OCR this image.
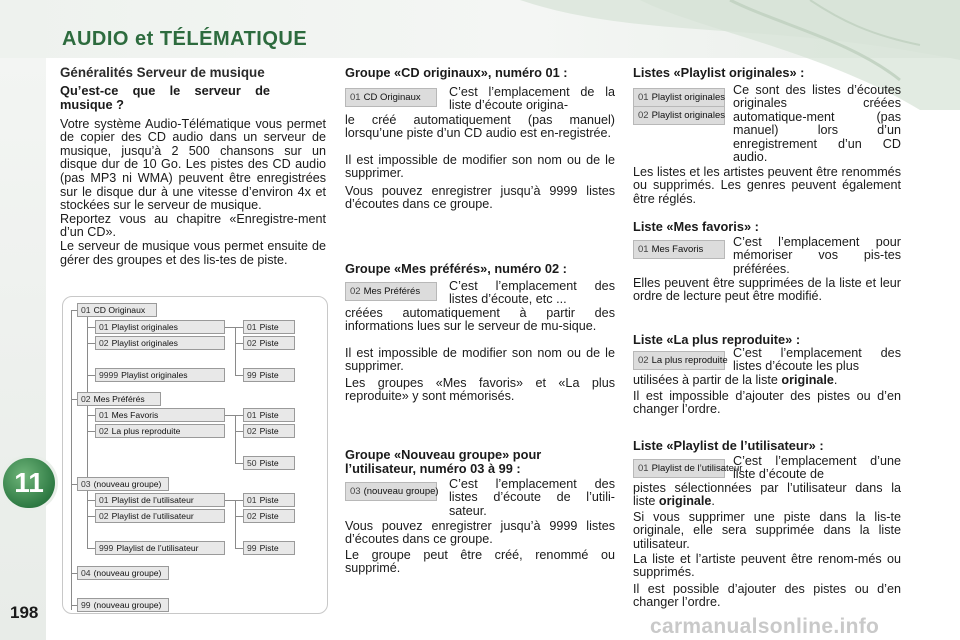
AUDIO et TÉLÉMATIQUE
11
198
carmanualsonline.info
Généralités Serveur de musique
Qu’est-ce que le serveur de musique ?

Votre système Audio-Télématique vous permet de copier des CD audio dans un serveur de musique, jusqu’à 2 500 chansons sur un disque dur de 10 Go. Les pistes des CD audio (pas MP3 ni WMA) peuvent être enregistrées sur le disque dur à une vitesse d’environ 4x et stockées sur le serveur de musique.

Reportez vous au chapitre «Enregistre-ment d’un CD».

Le serveur de musique vous permet ensuite de gérer des groupes et des lis-tes de piste.

01 CD Originaux
01 Playlist originales
02 Playlist originales
9999 Playlist originales
01 Piste
02 Piste
99 Piste
02 Mes Préférés
01 Mes Favoris
02 La plus reproduite
01 Piste
02 Piste
50 Piste
03 (nouveau groupe)
01 Playlist de l’utilisateur
02 Playlist de l’utilisateur
999 Playlist de l’utilisateur
01 Piste
02 Piste
99 Piste
04 (nouveau groupe)
99 (nouveau groupe)
Groupe «CD originaux», numéro 01 :
01 CD Originaux	C’est l’emplacement de la liste d’écoute origina-
le créé automatiquement (pas manuel) lorsqu’une piste d’un CD audio est en-registrée.
Il est impossible de modifier son nom ou de le supprimer.
Vous pouvez enregistrer jusqu’à 9999 listes d’écoutes dans ce groupe.
Groupe «Mes préférés», numéro 02 :
02 Mes Préférés	C’est l’emplacement des listes d’écoute, etc ...
créées automatiquement à partir des informations lues sur le serveur de mu-sique.
Il est impossible de modifier son nom ou de le supprimer.
Les groupes «Mes favoris» et «La plus reproduite» y sont mémorisés.
Groupe «Nouveau groupe» pour l’utilisateur, numéro 03 à 99 :
03 (nouveau groupe)
C’est l’emplacement des listes d’écoute de l’utili-sateur.
Vous pouvez enregistrer jusqu’à 9999 listes d’écoutes dans ce groupe.
Le groupe peut être créé, renommé ou supprimé.
Listes «Playlist originales» :
01 Playlist originales
02 Playlist originales
Ce sont des listes d’écoutes originales créées automatique-ment (pas manuel) lors d’un enregistrement d’un CD audio.
Les listes et les artistes peuvent être renommés ou supprimés. Les genres peuvent également être réglés.
Liste «Mes favoris» :
01 Mes Favoris
C’est l’emplacement pour mémoriser vos pis-tes préférées.
Elles peuvent être supprimées de la liste et leur ordre de lecture peut être modifié.
Liste «La plus reproduite» :
02 La plus reproduite
C’est l’emplacement des listes d’écoute les plus
utilisées à partir de la liste originale.
Il est impossible d’ajouter des pistes ou d’en changer l’ordre.
Liste «Playlist de l’utilisateur» :
01 Playlist de l’utilisateur
C’est l’emplacement d’une liste d’écoute de
pistes sélectionnées par l’utilisateur dans la liste originale.
Si vous supprimer une piste dans la lis-te originale, elle sera supprimée dans la liste utilisateur.
La liste et l’artiste peuvent être renom-més ou supprimés.
Il est possible d’ajouter des pistes ou d’en changer l’ordre.
